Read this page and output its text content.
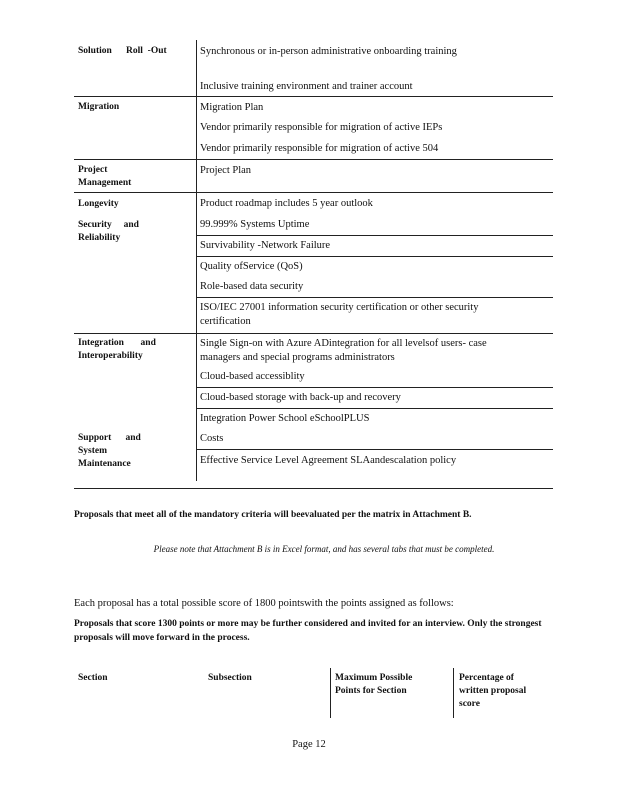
Solution      Roll  -Out
Migration
Project Management
Longevity
Security     and Reliability
Integration       and Interoperability
Support      and System Maintenance
Synchronous or in-person administrative onboarding training
Inclusive training environment and trainer account
Migration Plan
Vendor primarily responsible for migration of active IEPs
Vendor primarily responsible for migration of active 504
Project Plan
Product roadmap includes 5 year outlook
99.999% Systems Uptime
Survivability -Network Failure
Quality ofService (QoS)
Role-based data security
ISO/IEC 27001 information security certification or other security certification
Single Sign-on with Azure ADintegration for all levelsof users- case managers and special programs administrators
Cloud-based accessiblity
Cloud-based storage with back-up and recovery
Integration Power School eSchoolPLUS
Costs
Effective Service Level Agreement SLAandescalation policy
Proposals that meet all of the mandatory criteria will beevaluated per the matrix in Attachment B.
Please note that Attachment B is in Excel format, and has several tabs that must be completed.
Each proposal has a total possible score of 1800 pointswith the points assigned as follows:
Proposals that score 1300 points or more may be further considered and invited for an interview. Only the strongest proposals will move forward in the process.
Section	Subsection	Maximum Possible Points for Section
Percentage of written proposal score
Page 12
